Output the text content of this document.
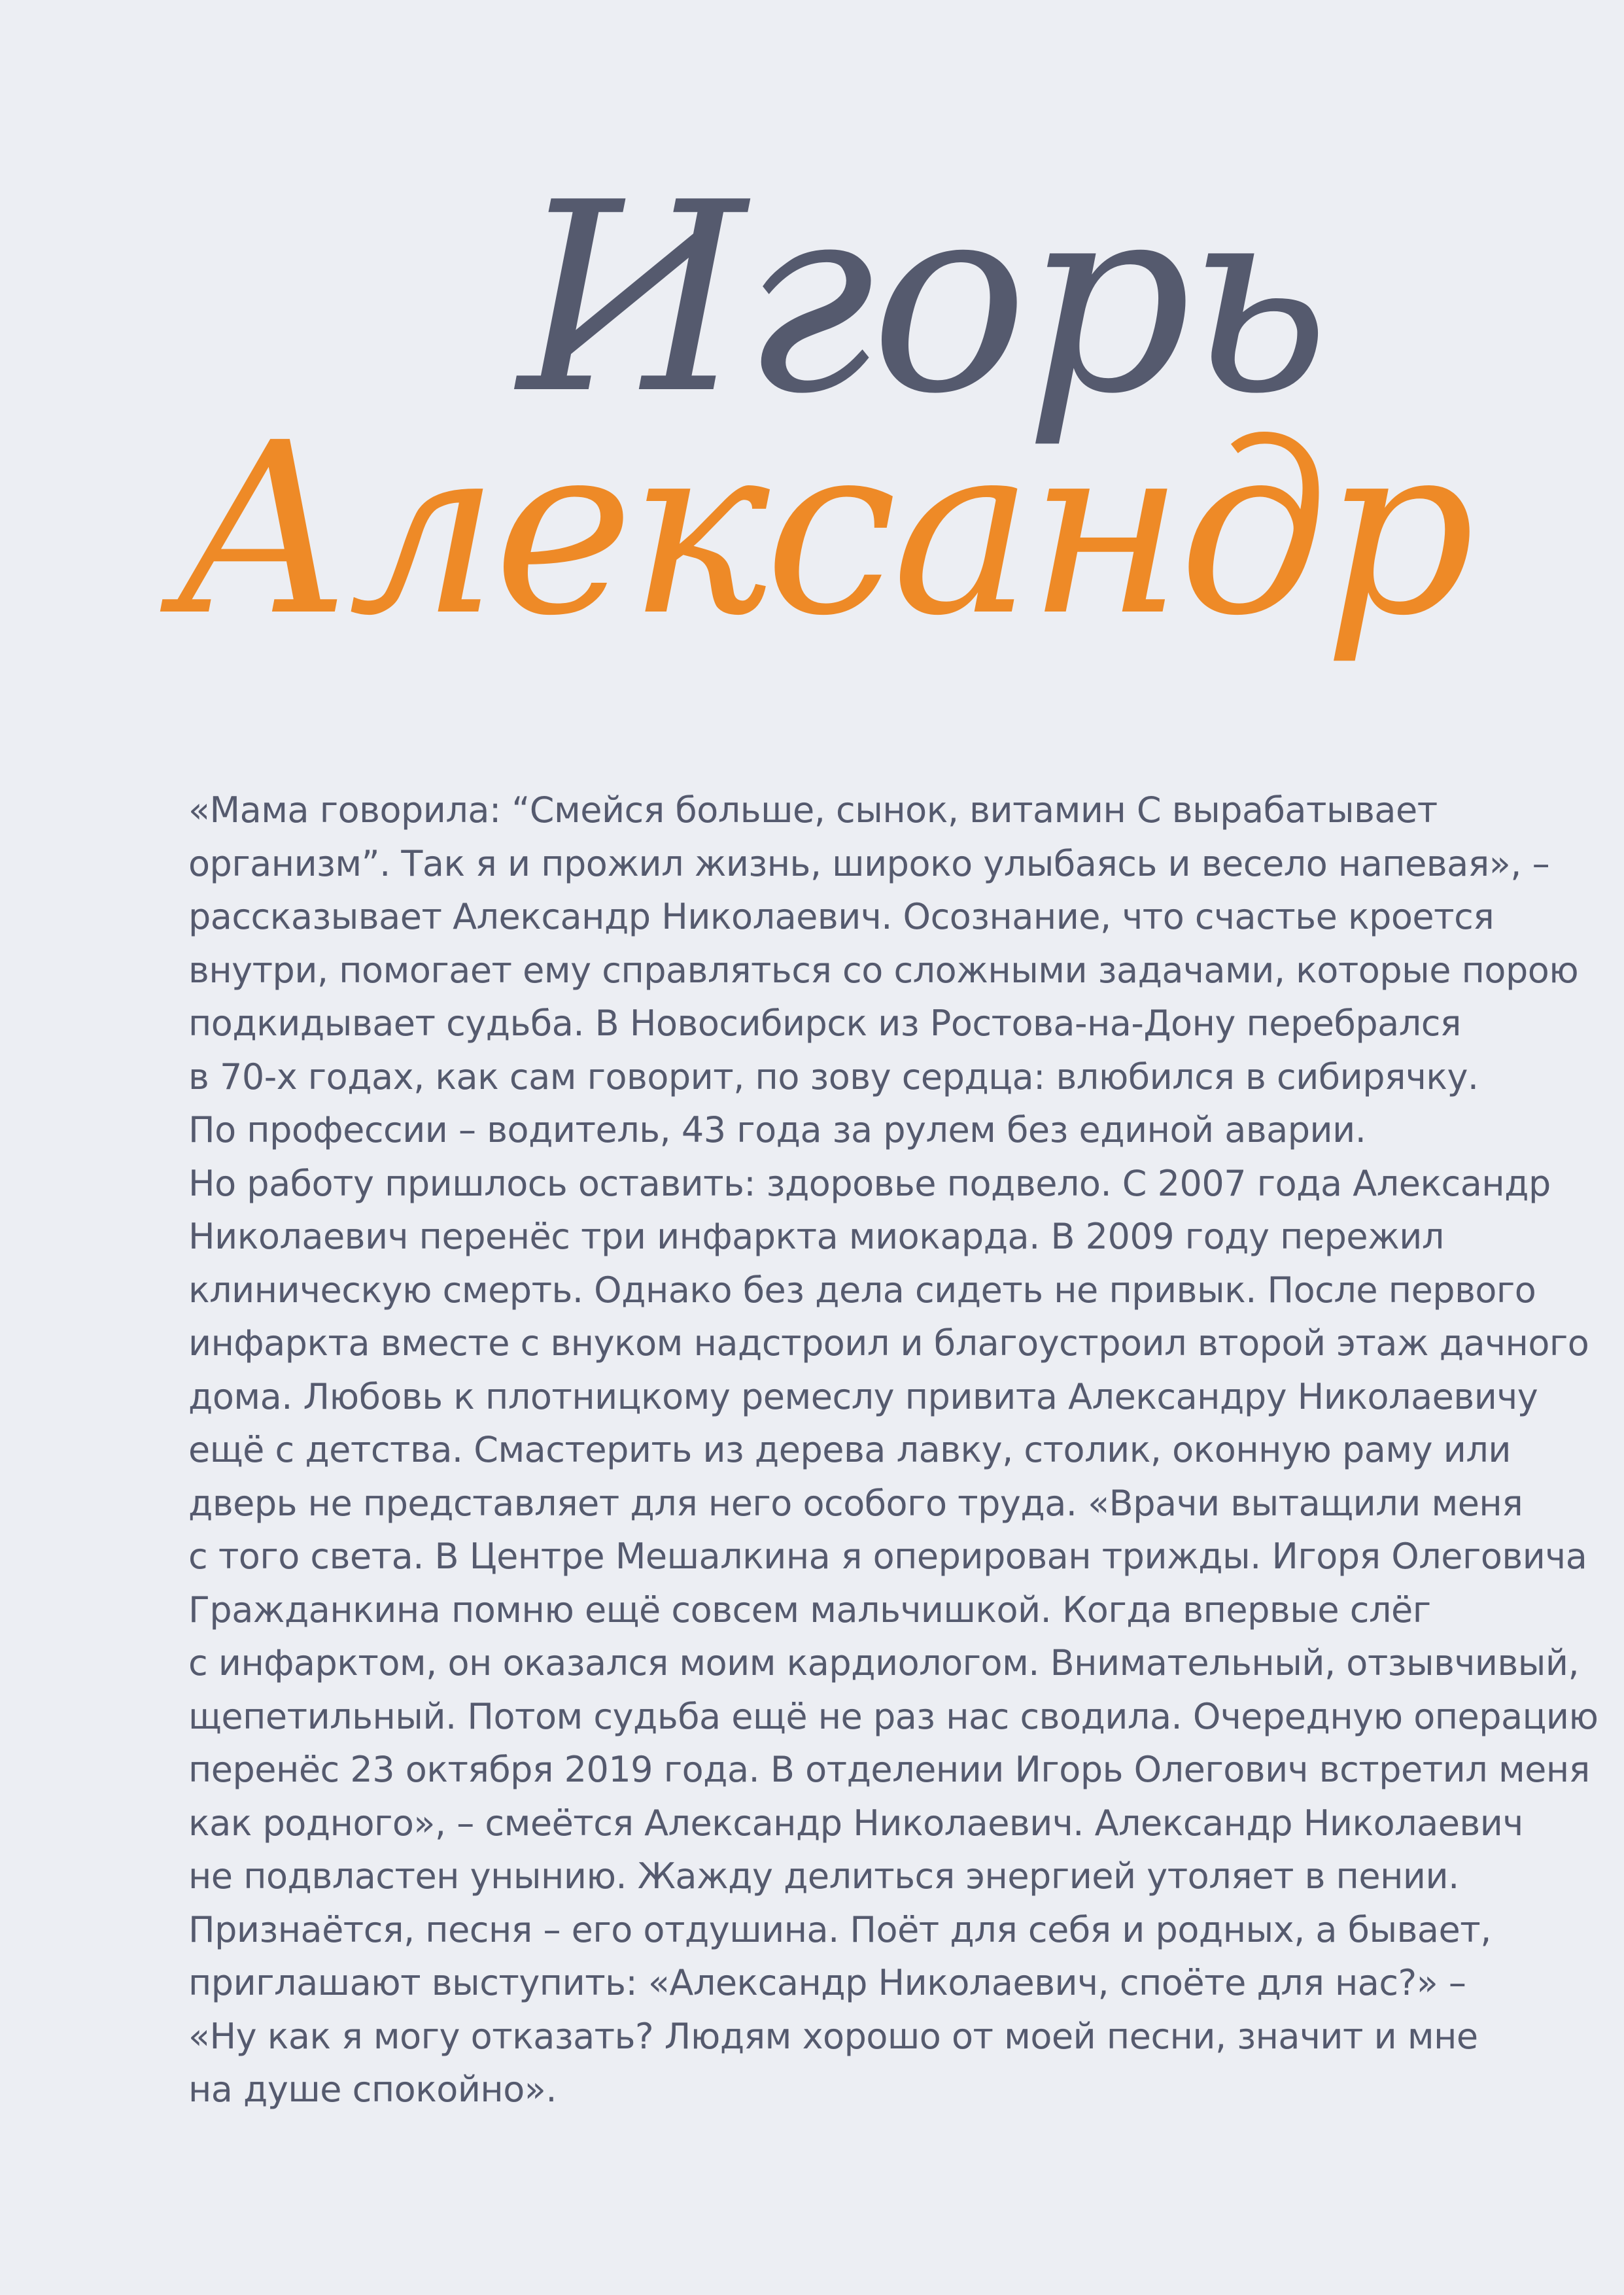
Игорь
Александр
«Мама говорила: “Смейся больше, сынок, витамин С вырабатывает
организм”. Так я и прожил жизнь, широко улыбаясь и весело напевая», –
рассказывает Александр Николаевич. Осознание, что счастье кроется
внутри, помогает ему справляться со сложными задачами, которые порою
подкидывает судьба. В Новосибирск из Ростова-на-Дону перебрался
в 70-х годах, как сам говорит, по зову сердца: влюбился в сибирячку.
По профессии – водитель, 43 года за рулем без единой аварии.
Но работу пришлось оставить: здоровье подвело. С 2007 года Александр
Николаевич перенёс три инфаркта миокарда. В 2009 году пережил
клиническую смерть. Однако без дела сидеть не привык. После первого
инфаркта вместе с внуком надстроил и благоустроил второй этаж дачного
дома. Любовь к плотницкому ремеслу привита Александру Николаевичу
ещё с детства. Смастерить из дерева лавку, столик, оконную раму или
дверь не представляет для него особого труда. «Врачи вытащили меня
с того света. В Центре Мешалкина я оперирован трижды. Игоря Олеговича
Гражданкина помню ещё совсем мальчишкой. Когда впервые слёг
с инфарктом, он оказался моим кардиологом. Внимательный, отзывчивый,
щепетильный. Потом судьба ещё не раз нас сводила. Очередную операцию
перенёс 23 октября 2019 года. В отделении Игорь Олегович встретил меня
как родного», – смеётся Александр Николаевич. Александр Николаевич
не подвластен унынию. Жажду делиться энергией утоляет в пении.
Признаётся, песня – его отдушина. Поёт для себя и родных, а бывает,
приглашают выступить: «Александр Николаевич, споёте для нас?» –
«Ну как я могу отказать? Людям хорошо от моей песни, значит и мне
на душе спокойно».
